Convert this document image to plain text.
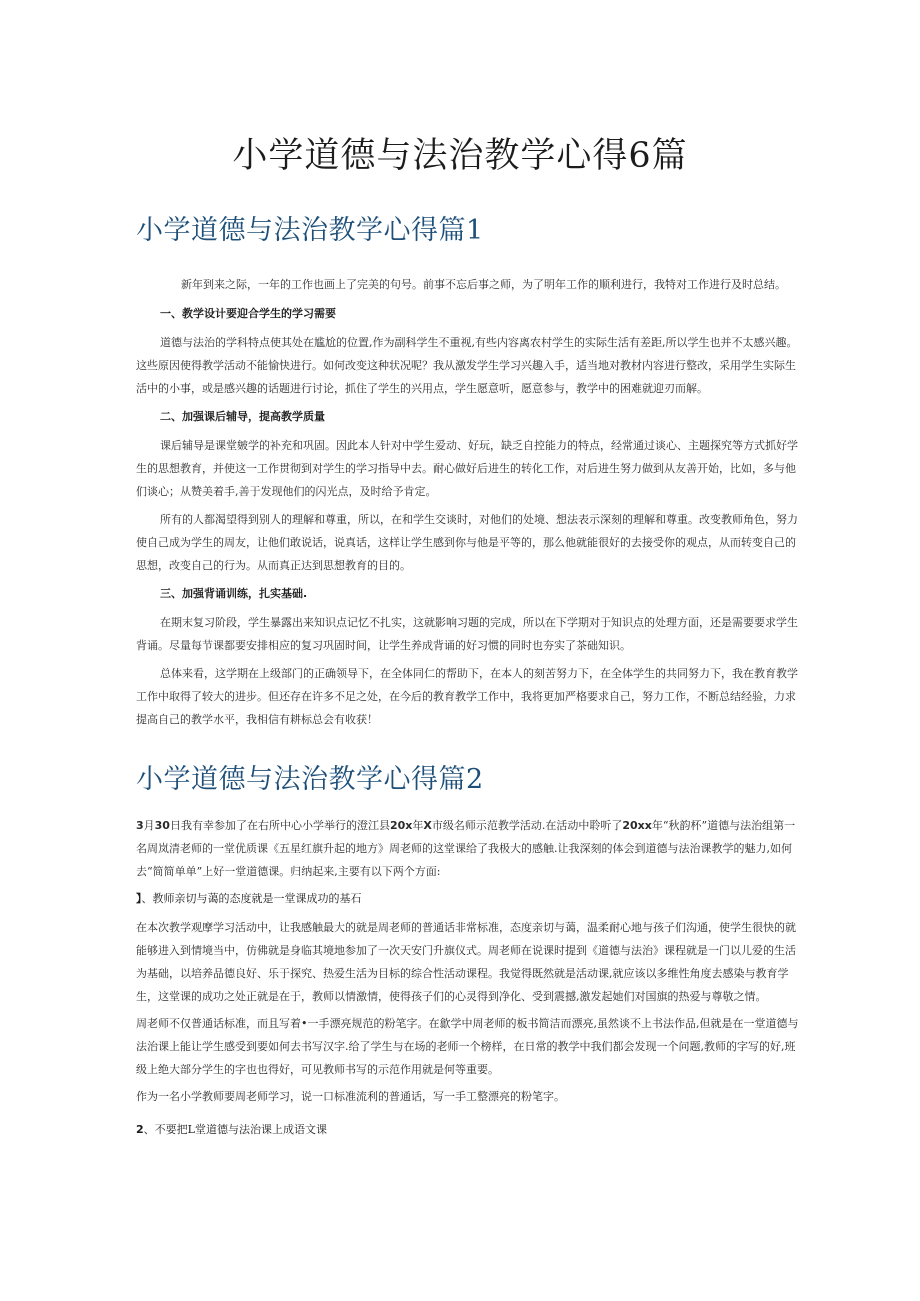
小学道德与法治教学心得6篇
小学道德与法治教学心得篇1

新年到来之际，一年的工作也画上了完美的句号。前事不忘后事之师，为了明年工作的顺利进行，我特对工作进行及时总结。

一、教学设计要迎合学生的学习需要

道德与法治的学科特点使其处在尴尬的位置,作为副科学生不重视,有些内容离农村学生的实际生活有差距,所以学生也并不太感兴趣。这些原因使得教学活动不能愉快进行。如何改变这种状况呢？我从激发学生学习兴趣入手，适当地对教材内容进行整改，采用学生实际生活中的小事，或是感兴趣的话题进行讨论，抓住了学生的兴用点，学生愿意听，愿意参与，教学中的困难就迎刃而解。

二、加强课后辅导，提高教学质量

课后辅导是课堂皴学的补充和巩固。因此本人针对中学生爱动、好玩，缺乏自控能力的特点，经常通过谈心、主题探究等方式抓好学生的思想教育，并使这一工作贯彻到对学生的学习指导中去。耐心做好后进生的转化工作，对后进生努力做到从友善开始，比如，多与他们谈心；从赞美着手,善于发现他们的闪光点，及时给予肯定。

所有的人都渴望得到别人的理解和尊重，所以，在和学生交谈时，对他们的处境、想法表示深刻的理解和尊重。改变教师角色，努力使自己成为学生的周友，让他们敢说话，说真话，这样让学生感到你与他是平等的，那么他就能很好的去接受你的观点，从而转变自己的思想，改变自己的行为。从而真正达到思想教育的目的。

三、加强背诵训练，扎实基础.

在期末复习阶段，学生暴露出来知识点记忆不扎实，这就影响习题的完成，所以在下学期对于知识点的处理方面，还是需要要求学生背诵。尽量每节课都要安排相应的复习巩固时间，让学生养成背诵的好习惯的同时也夯实了茶础知识。

总体来看，这学期在上级部门的正确领导下，在全体同仁的帮助下，在本人的刻苦努力下，在全体学生的共同努力下，我在教育教学工作中取得了较大的进步。但还存在许多不足之处，在今后的教育教学工作中，我将更加严格要求自己，努力工作，不断总结经验，力求提高自己的教学水平，我相信有耕标总会有收获！

小学道德与法治教学心得篇2

3月30日我有幸参加了在右所中心小学举行的澄江县20x年X市级名师示范教学活动.在活动中聆听了20xx年“秋韵杯”道德与法治组第一名周岚清老师的一堂优质课《五星红旗升起的地方》周老师的这堂课给了我极大的感触.让我深刻的体会到道德与法治课教学的魅力,如何去“简简单单”上好一堂道德课。归纳起来,主要有以下两个方面:

】、教师亲切与蔼的态度就是一堂课成功的基石

在本次教学观摩学习活动中，让我感触最大的就是周老师的普通话非常标准，态度亲切与蔼，温柔耐心地与孩子们沟通，使学生很快的就能够进入到情境当中，仿佛就是身临其境地参加了一次天安门升旗仪式。周老师在说课时提到《道德与法治》课程就是一门以儿爱的生活为基础，以培养品德良好、乐于探究、热爱生活为目标的综合性活动课程。我觉得既然就是活动课,就应该以多维性角度去感染与教育学生，这堂课的成功之处正就是在于，教师以情激情，使得孩子们的心灵得到净化、受到震撼,激发起她们对国旗的热爱与尊敬之情。

周老师不仅普通话标准，而且写着•一手漂亮规范的粉笔字。在歙学中周老师的板书简洁而漂亮,虽然谈不上书法作品,但就是在一堂道德与法治课上能让学生感受到要如何去书写汉字.给了学生与在场的老师一个榜样，在日常的教学中我们都会发现一个问题,教师的字写的好,班级上绝大部分学生的字也也得好，可见教师书写的示范作用就是何等重要。

作为一名小学教师要周老师学习，说一口标准流利的普通话，写一手工整漂亮的粉笔字。

2、不要把L堂道德与法治课上成语文课
